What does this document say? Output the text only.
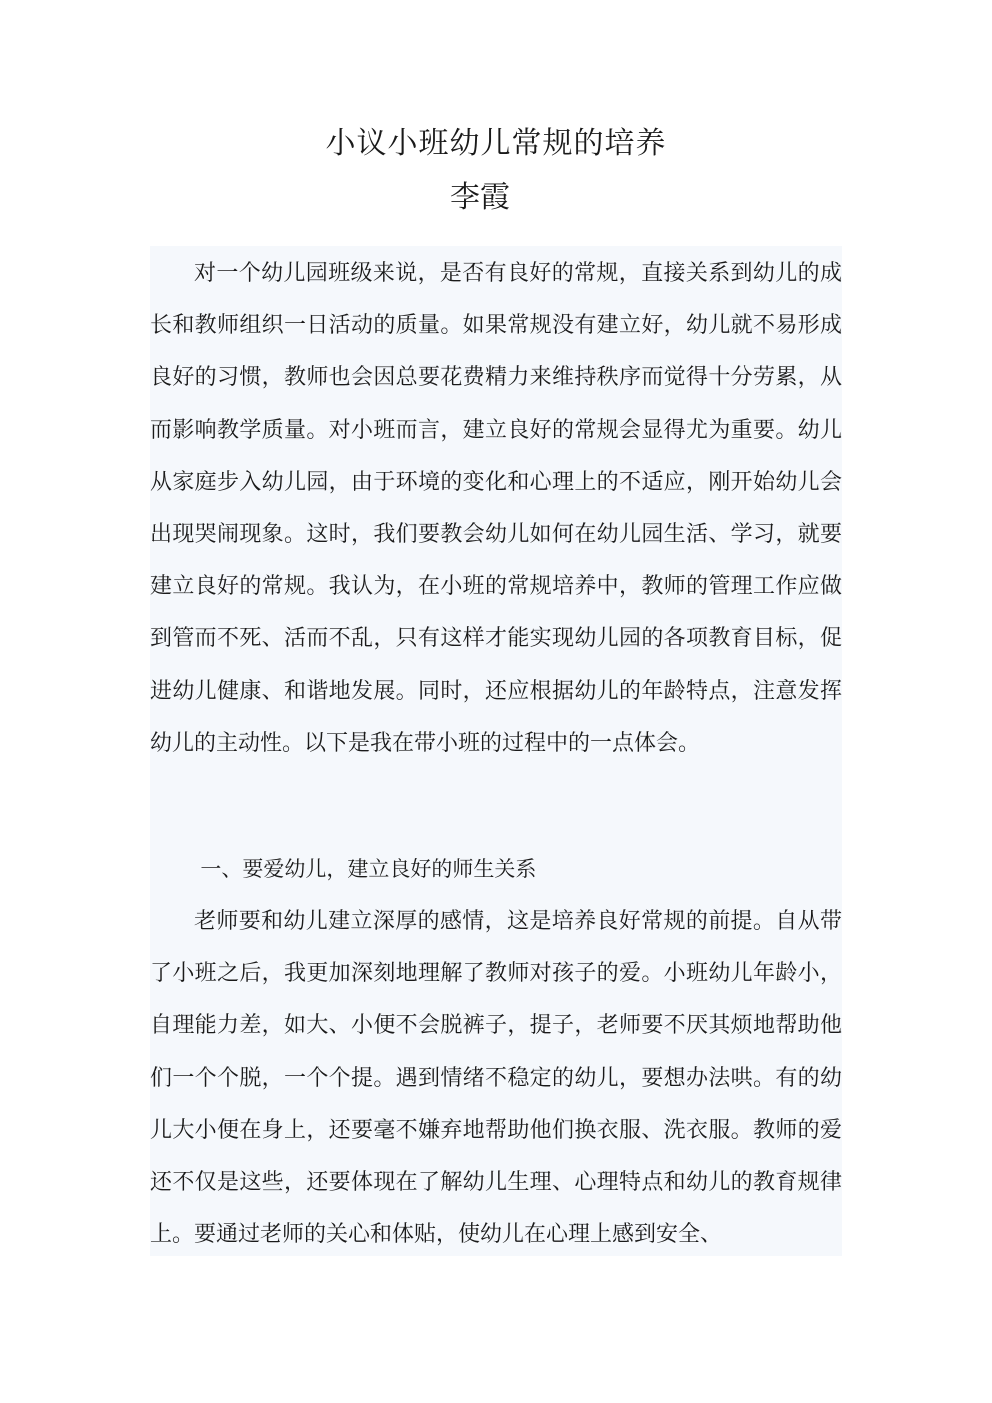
小议小班幼儿常规的培养
李霞

对一个幼儿园班级来说，是否有良好的常规，直接关系到幼儿的成长和教师组织一日活动的质量。如果常规没有建立好，幼儿就不易形成良好的习惯，教师也会因总要花费精力来维持秩序而觉得十分劳累，从而影响教学质量。对小班而言，建立良好的常规会显得尤为重要。幼儿从家庭步入幼儿园，由于环境的变化和心理上的不适应，刚开始幼儿会出现哭闹现象。这时，我们要教会幼儿如何在幼儿园生活、学习，就要建立良好的常规。我认为，在小班的常规培养中，教师的管理工作应做到管而不死、活而不乱，只有这样才能实现幼儿园的各项教育目标，促进幼儿健康、和谐地发展。同时，还应根据幼儿的年龄特点，注意发挥幼儿的主动性。以下是我在带小班的过程中的一点体会。

一、要爱幼儿，建立良好的师生关系

老师要和幼儿建立深厚的感情，这是培养良好常规的前提。自从带了小班之后，我更加深刻地理解了教师对孩子的爱。小班幼儿年龄小，自理能力差，如大、小便不会脱裤子，提子，老师要不厌其烦地帮助他们一个个脱，一个个提。遇到情绪不稳定的幼儿，要想办法哄。有的幼儿大小便在身上，还要毫不嫌弃地帮助他们换衣服、洗衣服。教师的爱还不仅是这些，还要体现在了解幼儿生理、心理特点和幼儿的教育规律上。要通过老师的关心和体贴，使幼儿在心理上感到安全、
